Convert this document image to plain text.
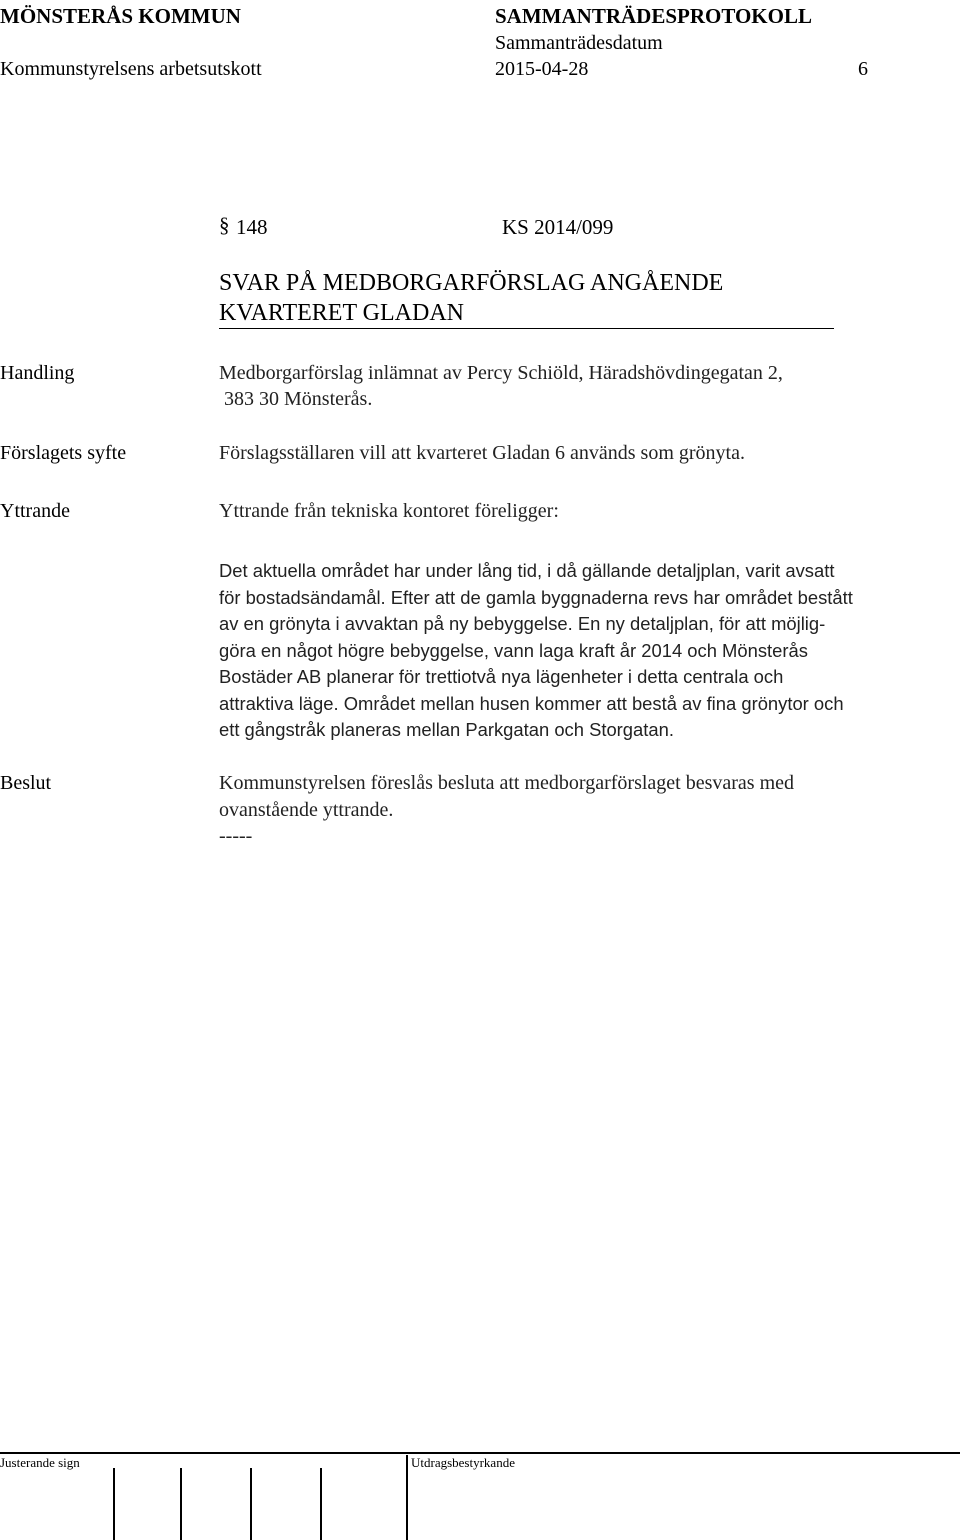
MÖNSTERÅS KOMMUN	SAMMANTRÄDESPROTOKOLL
Sammanträdesdatum
Kommunstyrelsens arbetsutskott	2015-04-28	6
§ 148	KS 2014/099
SVAR PÅ MEDBORGARFÖRSLAG ANGÅENDE
KVARTERET GLADAN
Handling	Medborgarförslag inlämnat av Percy Schiöld, Häradshövdingegatan 2,
383 30 Mönsterås.
Förslagets syfte	Förslagsställaren vill att kvarteret Gladan 6 används som grönyta.
Yttrande	Yttrande från tekniska kontoret föreligger:
Det aktuella området har under lång tid, i då gällande detaljplan, varit avsatt
för bostadsändamål. Efter att de gamla byggnaderna revs har området bestått
av en grönyta i avvaktan på ny bebyggelse. En ny detaljplan, för att möjlig-
göra en något högre bebyggelse, vann laga kraft år 2014 och Mönsterås
Bostäder AB planerar för trettiotvå nya lägenheter i detta centrala och
attraktiva läge. Området mellan husen kommer att bestå av fina grönytor och
ett gångstråk planeras mellan Parkgatan och Storgatan.
Beslut	Kommunstyrelsen föreslås besluta att medborgarförslaget besvaras med
ovanstående yttrande.
-----
Justerande sign	Utdragsbestyrkande
